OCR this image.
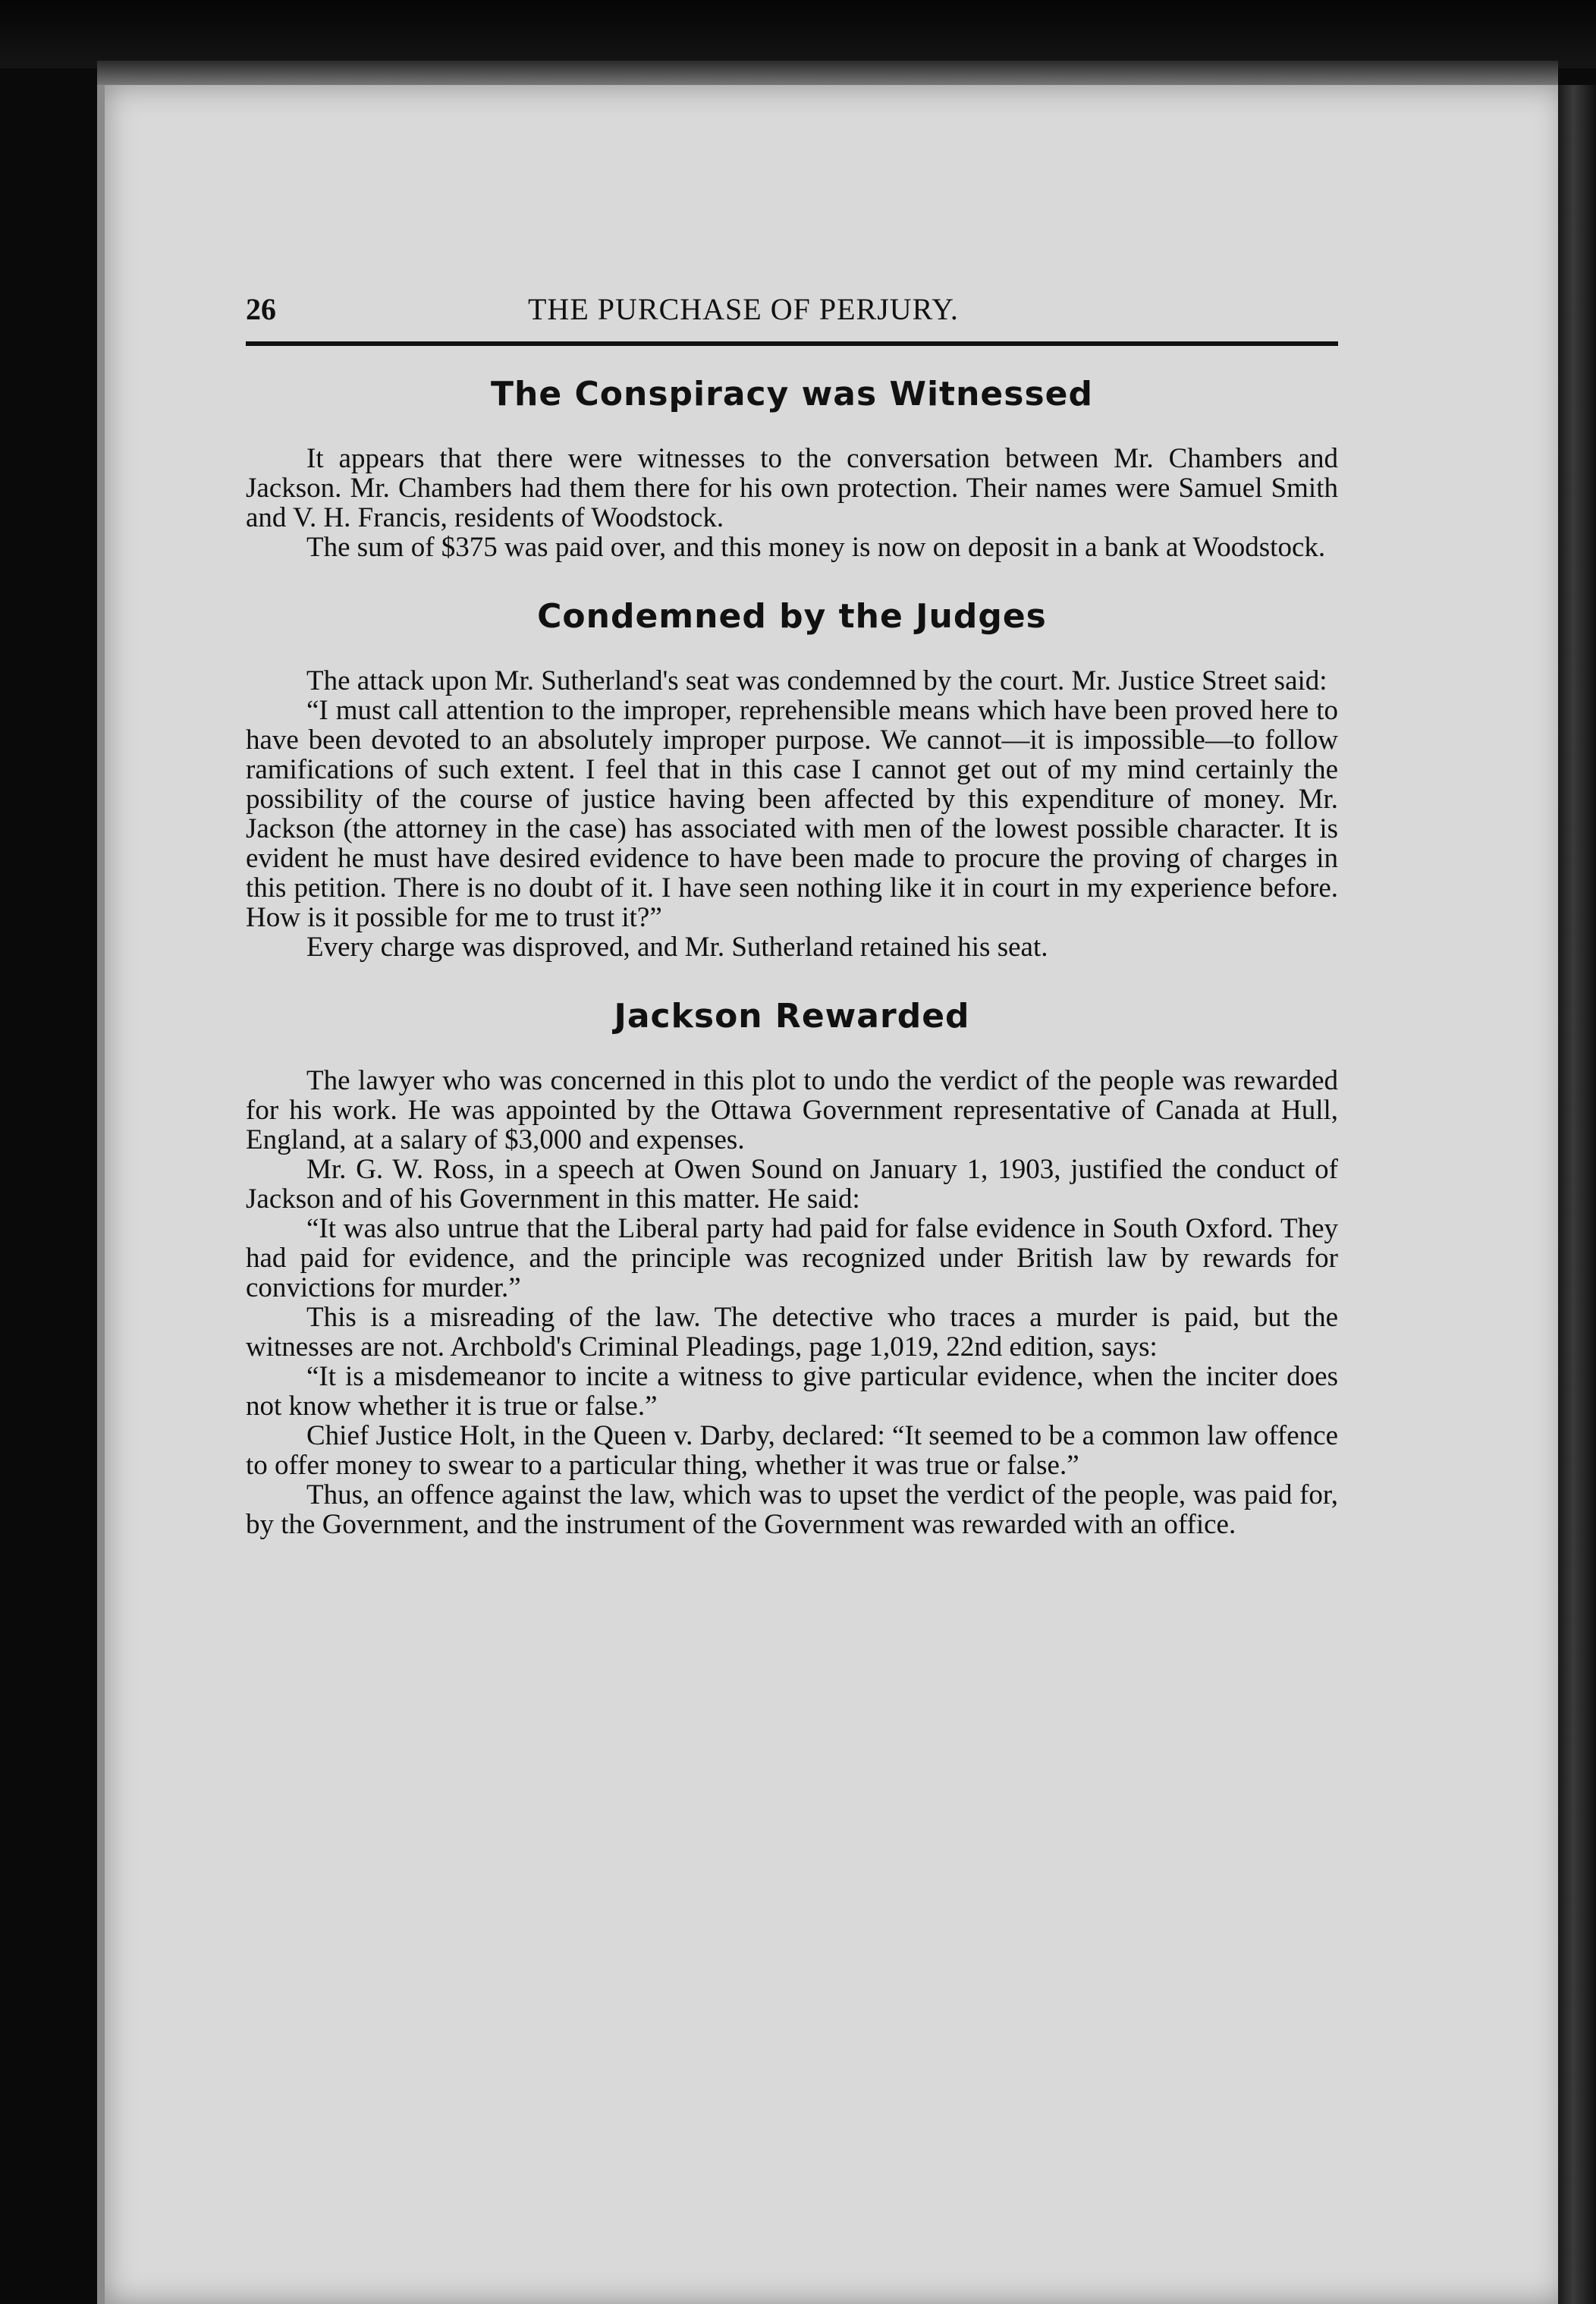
26	THE PURCHASE OF PERJURY.
The Conspiracy was Witnessed

It appears that there were witnesses to the conversation between Mr. Chambers and Jackson. Mr. Chambers had them there for his own protection. Their names were Samuel Smith and V. H. Francis, residents of Woodstock.

The sum of $375 was paid over, and this money is now on deposit in a bank at Woodstock.

Condemned by the Judges

The attack upon Mr. Sutherland's seat was condemned by the court. Mr. Justice Street said:

“I must call attention to the improper, reprehensible means which have been proved here to have been devoted to an absolutely improper purpose. We cannot—it is impossible—to follow ramifications of such extent. I feel that in this case I cannot get out of my mind certainly the possibility of the course of justice having been affected by this expenditure of money. Mr. Jackson (the attorney in the case) has associated with men of the lowest possible character. It is evident he must have desired evidence to have been made to procure the proving of charges in this petition. There is no doubt of it. I have seen nothing like it in court in my experience before. How is it possible for me to trust it?”

Every charge was disproved, and Mr. Sutherland retained his seat.

Jackson Rewarded

The lawyer who was concerned in this plot to undo the verdict of the people was rewarded for his work. He was appointed by the Ottawa Government representative of Canada at Hull, England, at a salary of $3,000 and expenses.

Mr. G. W. Ross, in a speech at Owen Sound on January 1, 1903, justified the conduct of Jackson and of his Government in this matter. He said:

“It was also untrue that the Liberal party had paid for false evidence in South Oxford. They had paid for evidence, and the principle was recognized under British law by rewards for convictions for murder.”

This is a misreading of the law. The detective who traces a murder is paid, but the witnesses are not. Archbold's Criminal Pleadings, page 1,019, 22nd edition, says:

“It is a misdemeanor to incite a witness to give particular evidence, when the inciter does not know whether it is true or false.”

Chief Justice Holt, in the Queen v. Darby, declared: “It seemed to be a common law offence to offer money to swear to a particular thing, whether it was true or false.”

Thus, an offence against the law, which was to upset the verdict of the people, was paid for, by the Government, and the instrument of the Government was rewarded with an office.
